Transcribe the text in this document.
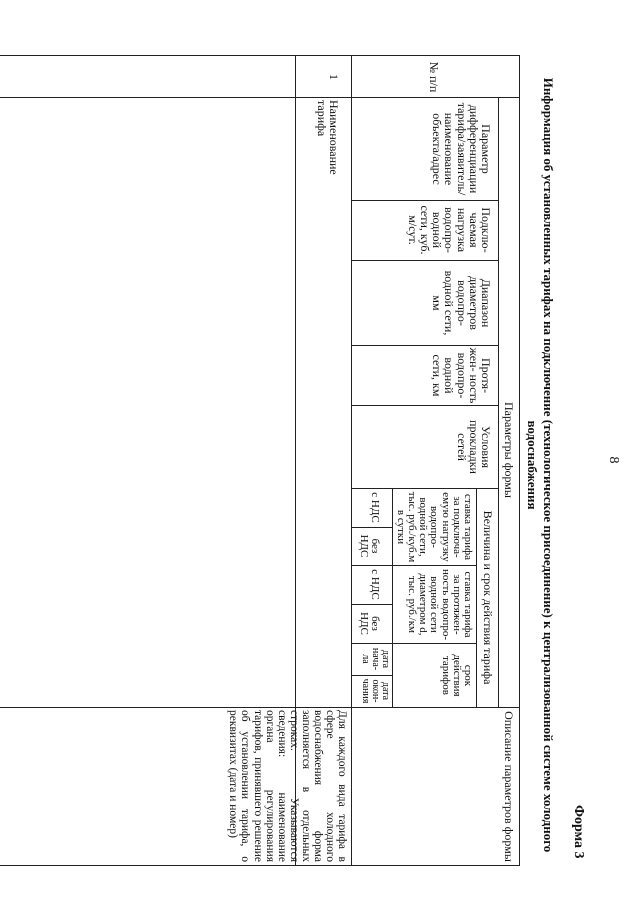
8
Форма 3
Информация об установленных тарифах на подключение (технологическое присоединение) к централизованной системе холодного
водоснабжения
№ п/п
Параметры формы
Описание параметров формы
Параметр дифференциации тарифа/заявитель/ наименование объекта/адрес
Подклю- чаемая нагрузка водопро- водной сети, куб. м/сут.
Диапазон диаметров водопро- водной сети, мм
Протя- жен- ность водопро- водной сети, км
Условия прокладки сетей
Величина и срок действия тарифа
ставка тарифа за подключа- емую нагрузку водопро- водной сети, тыс. руб./куб.м в сутки
ставка тарифа за протяжен- ность водопро- водной сети диаметром d, тыс. руб./км
срок действия тарифов
с НДС
без НДС
с НДС
без НДС
дата нача- ла
дата окон- чания
1
Наименование тарифа
Для каждого вида тарифа в сфере холодного водоснабжения форма заполняется в отдельных строках. Указываются сведения: наименование органа регулирования тарифов, принявшего решение об установлении тарифа, о реквизитах (дата и номер)
